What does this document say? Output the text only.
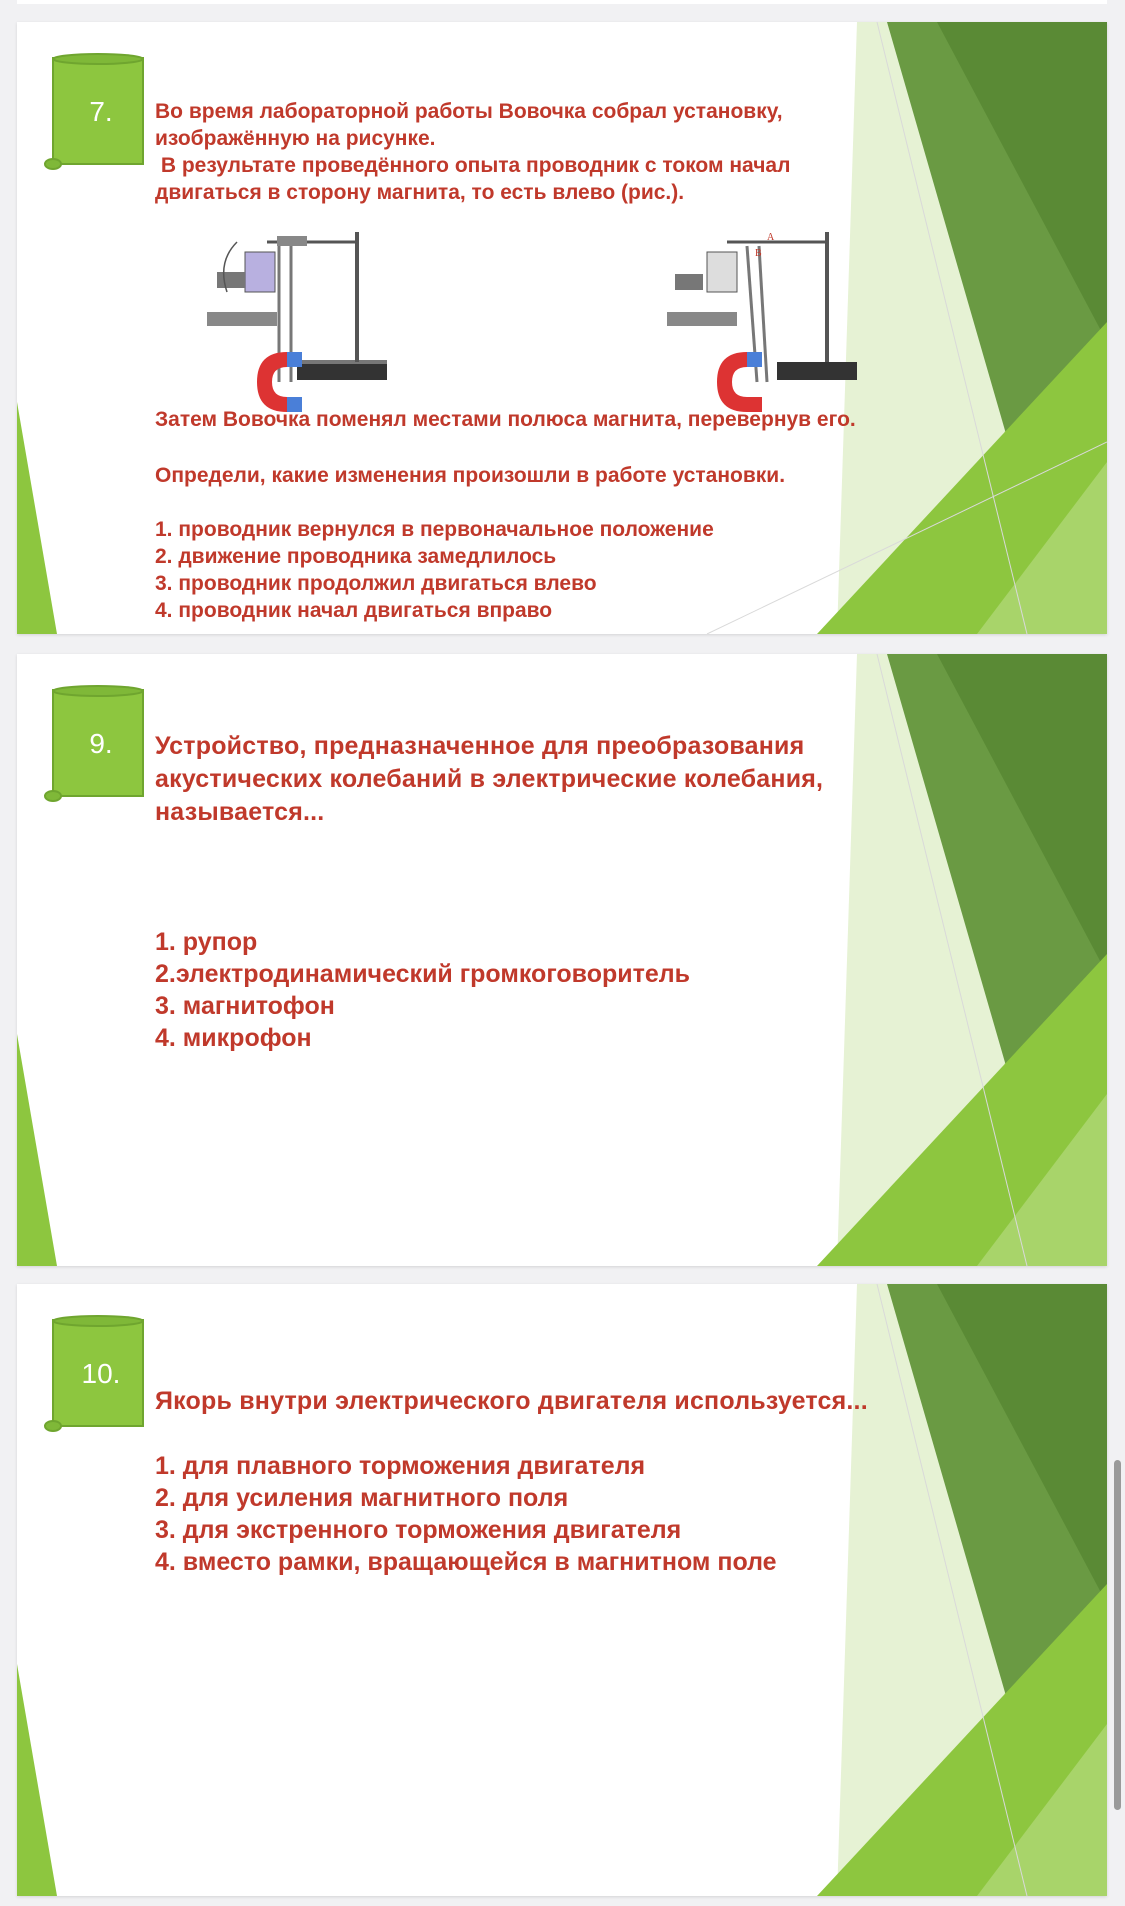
7.	Во время лабораторной работы Вовочка собрал установку,
изображённую на рисунке.
В результате проведённого опыта проводник с током начал
двигаться в сторону магнита, то есть влево (рис.).
A
B
Затем Вовочка поменял местами полюса магнита, перевернув его.
Определи, какие изменения произошли в работе установки.
1. проводник вернулся в первоначальное положение
2. движение проводника замедлилось
3. проводник продолжил двигаться влево
4. проводник начал двигаться вправо
9.	Устройство, предназначенное для преобразования
акустических колебаний в электрические колебания,
называется...
1. рупор
2.электродинамический громкоговоритель
3. магнитофон
4. микрофон
10.
Якорь внутри электрического двигателя используется...
1. для плавного торможения двигателя
2. для усиления магнитного поля
3. для экстренного торможения двигателя
4. вместо рамки, вращающейся в магнитном поле
